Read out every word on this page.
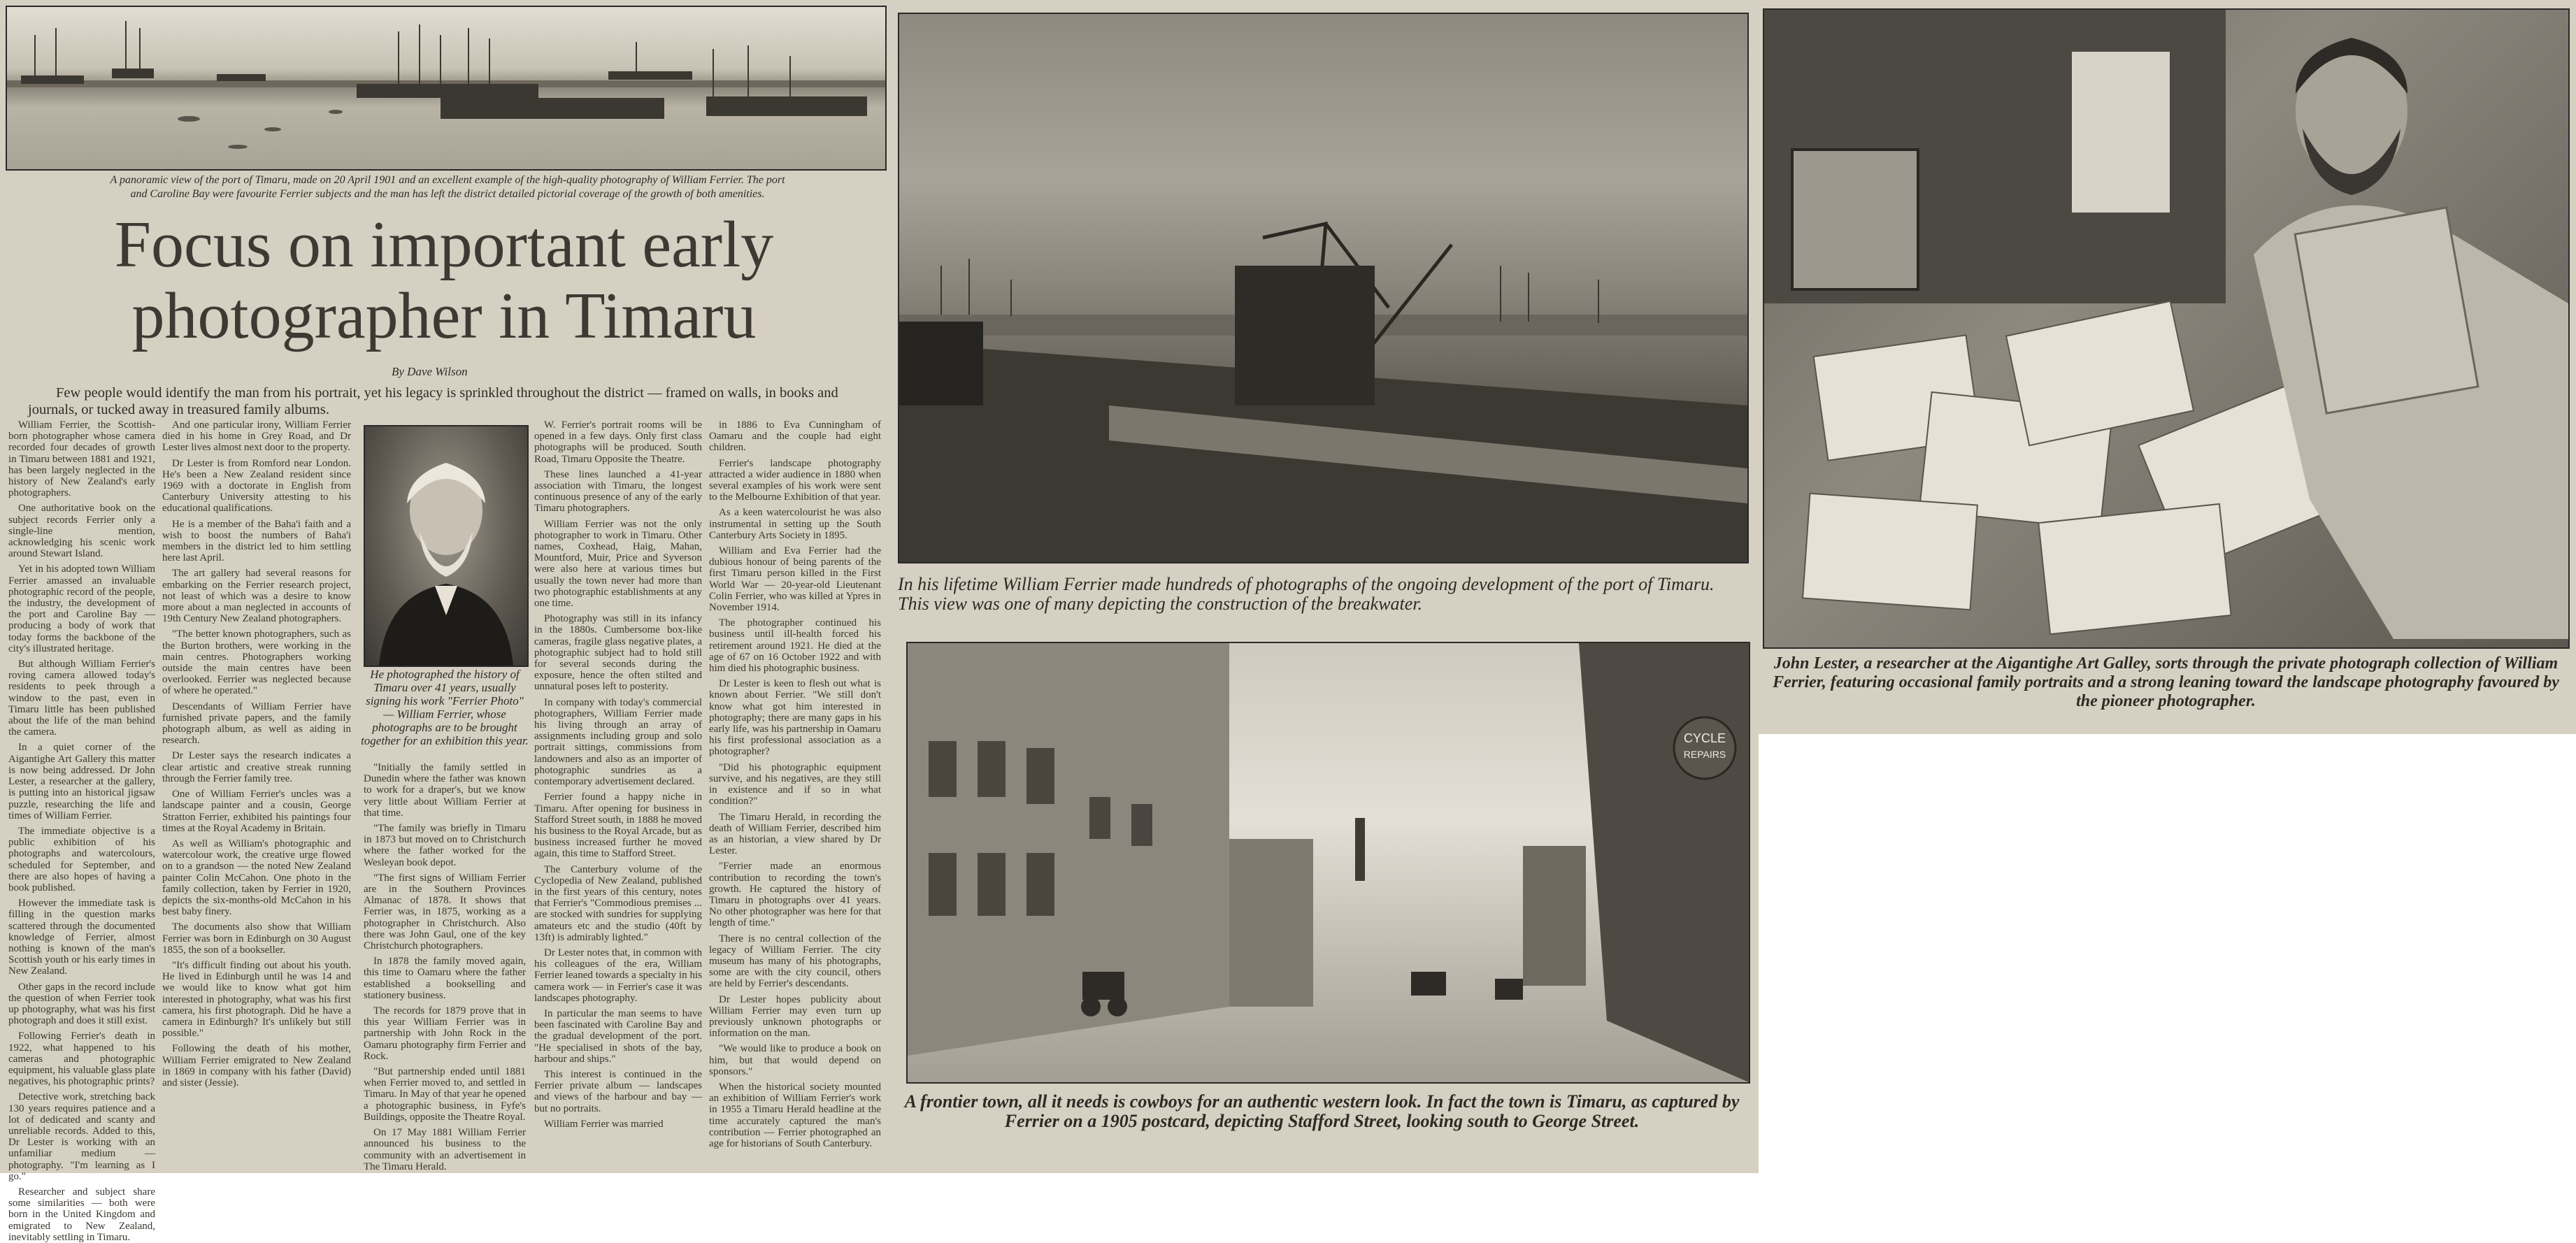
A panoramic view of the port of Timaru, made on 20 April 1901 and an excellent example of the high-quality photography of William Ferrier. The port and Caroline Bay were favourite Ferrier subjects and the man has left the district detailed pictorial coverage of the growth of both amenities.
Focus on important early
photographer in Timaru
By Dave Wilson
Few people would identify the man from his portrait, yet his legacy is sprinkled throughout the district — framed on walls, in books and journals, or tucked away in treasured family albums.

William Ferrier, the Scottish-born photographer whose camera recorded four decades of growth in Timaru between 1881 and 1921, has been largely neglected in the history of New Zealand's early photographers.

One authoritative book on the subject records Ferrier only a single-line mention, acknowledging his scenic work around Stewart Island.

Yet in his adopted town William Ferrier amassed an invaluable photographic record of the people, the industry, the development of the port and Caroline Bay — producing a body of work that today forms the backbone of the city's illustrated heritage.

But although William Ferrier's roving camera allowed today's residents to peek through a window to the past, even in Timaru little has been published about the life of the man behind the camera.

In a quiet corner of the Aigantighe Art Gallery this matter is now being addressed. Dr John Lester, a researcher at the gallery, is putting into an historical jigsaw puzzle, researching the life and times of William Ferrier.

The immediate objective is a public exhibition of his photographs and watercolours, scheduled for September, and there are also hopes of having a book published.

However the immediate task is filling in the question marks scattered through the documented knowledge of Ferrier, almost nothing is known of the man's Scottish youth or his early times in New Zealand.

Other gaps in the record include the question of when Ferrier took up photography, what was his first photograph and does it still exist.

Following Ferrier's death in 1922, what happened to his cameras and photographic equipment, his valuable glass plate negatives, his photographic prints?

Detective work, stretching back 130 years requires patience and a lot of dedicated and scanty and unreliable records. Added to this, Dr Lester is working with an unfamiliar medium — photography. "I'm learning as I go."

Researcher and subject share some similarities — both were born in the United Kingdom and emigrated to New Zealand, inevitably settling in Timaru.

And one particular irony, William Ferrier died in his home in Grey Road, and Dr Lester lives almost next door to the property.

Dr Lester is from Romford near London. He's been a New Zealand resident since 1969 with a doctorate in English from Canterbury University attesting to his educational qualifications.

He is a member of the Baha'i faith and a wish to boost the numbers of Baha'i members in the district led to him settling here last April.

The art gallery had several reasons for embarking on the Ferrier research project, not least of which was a desire to know more about a man neglected in accounts of 19th Century New Zealand photographers.

"The better known photographers, such as the Burton brothers, were working in the main centres. Photographers working outside the main centres have been overlooked. Ferrier was neglected because of where he operated."

Descendants of William Ferrier have furnished private papers, and the family photograph album, as well as aiding in research.

Dr Lester says the research indicates a clear artistic and creative streak running through the Ferrier family tree.

One of William Ferrier's uncles was a landscape painter and a cousin, George Stratton Ferrier, exhibited his paintings four times at the Royal Academy in Britain.

As well as William's photographic and watercolour work, the creative urge flowed on to a grandson — the noted New Zealand painter Colin McCahon. One photo in the family collection, taken by Ferrier in 1920, depicts the six-months-old McCahon in his best baby finery.

The documents also show that William Ferrier was born in Edinburgh on 30 August 1855, the son of a bookseller.

"It's difficult finding out about his youth. He lived in Edinburgh until he was 14 and we would like to know what got him interested in photography, what was his first camera, his first photograph. Did he have a camera in Edinburgh? It's unlikely but still possible."

Following the death of his mother, William Ferrier emigrated to New Zealand in 1869 in company with his father (David) and sister (Jessie).

He photographed the history of Timaru over 41 years, usually signing his work "Ferrier Photo" — William Ferrier, whose photographs are to be brought together for an exhibition this year.

"Initially the family settled in Dunedin where the father was known to work for a draper's, but we know very little about William Ferrier at that time.

"The family was briefly in Timaru in 1873 but moved on to Christchurch where the father worked for the Wesleyan book depot.

"The first signs of William Ferrier are in the Southern Provinces Almanac of 1878. It shows that Ferrier was, in 1875, working as a photographer in Christchurch. Also there was John Gaul, one of the key Christchurch photographers.

In 1878 the family moved again, this time to Oamaru where the father established a bookselling and stationery business.

The records for 1879 prove that in this year William Ferrier was in partnership with John Rock in the Oamaru photography firm Ferrier and Rock.

"But partnership ended until 1881 when Ferrier moved to, and settled in Timaru. In May of that year he opened a photographic business, in Fyfe's Buildings, opposite the Theatre Royal.

On 17 May 1881 William Ferrier announced his business to the community with an advertisement in The Timaru Herald.

W. Ferrier's portrait rooms will be opened in a few days. Only first class photographs will be produced. South Road, Timaru Opposite the Theatre.

These lines launched a 41-year association with Timaru, the longest continuous presence of any of the early Timaru photographers.

William Ferrier was not the only photographer to work in Timaru. Other names, Coxhead, Haig, Mahan, Mountford, Muir, Price and Syverson were also here at various times but usually the town never had more than two photographic establishments at any one time.

Photography was still in its infancy in the 1880s. Cumbersome box-like cameras, fragile glass negative plates, a photographic subject had to hold still for several seconds during the exposure, hence the often stilted and unnatural poses left to posterity.

In company with today's commercial photographers, William Ferrier made his living through an array of assignments including group and solo portrait sittings, commissions from landowners and also as an importer of photographic sundries as a contemporary advertisement declared.

Ferrier found a happy niche in Timaru. After opening for business in Stafford Street south, in 1888 he moved his business to the Royal Arcade, but as business increased further he moved again, this time to Stafford Street.

The Canterbury volume of the Cyclopedia of New Zealand, published in the first years of this century, notes that Ferrier's "Commodious premises ... are stocked with sundries for supplying amateurs etc and the studio (40ft by 13ft) is admirably lighted."

Dr Lester notes that, in common with his colleagues of the era, William Ferrier leaned towards a specialty in his camera work — in Ferrier's case it was landscapes photography.

In particular the man seems to have been fascinated with Caroline Bay and the gradual development of the port. "He specialised in shots of the bay, harbour and ships."

This interest is continued in the Ferrier private album — landscapes and views of the harbour and bay — but no portraits.

William Ferrier was married

in 1886 to Eva Cunningham of Oamaru and the couple had eight children.

Ferrier's landscape photography attracted a wider audience in 1880 when several examples of his work were sent to the Melbourne Exhibition of that year.

As a keen watercolourist he was also instrumental in setting up the South Canterbury Arts Society in 1895.

William and Eva Ferrier had the dubious honour of being parents of the first Timaru person killed in the First World War — 20-year-old Lieutenant Colin Ferrier, who was killed at Ypres in November 1914.

The photographer continued his business until ill-health forced his retirement around 1921. He died at the age of 67 on 16 October 1922 and with him died his photographic business.

Dr Lester is keen to flesh out what is known about Ferrier. "We still don't know what got him interested in photography; there are many gaps in his early life, was his partnership in Oamaru his first professional association as a photographer?

"Did his photographic equipment survive, and his negatives, are they still in existence and if so in what condition?"

The Timaru Herald, in recording the death of William Ferrier, described him as an historian, a view shared by Dr Lester.

"Ferrier made an enormous contribution to recording the town's growth. He captured the history of Timaru in photographs over 41 years. No other photographer was here for that length of time."

There is no central collection of the legacy of William Ferrier. The city museum has many of his photographs, some are with the city council, others are held by Ferrier's descendants.

Dr Lester hopes publicity about William Ferrier may even turn up previously unknown photographs or information on the man.

"We would like to produce a book on him, but that would depend on sponsors."

When the historical society mounted an exhibition of William Ferrier's work in 1955 a Timaru Herald headline at the time accurately captured the man's contribution — Ferrier photographed an age for historians of South Canterbury.

In his lifetime William Ferrier made hundreds of photographs of the ongoing development of the port of Timaru. This view was one of many depicting the construction of the breakwater.
CYCLE
REPAIRS
A frontier town, all it needs is cowboys for an authentic western look. In fact the town is Timaru, as captured by Ferrier on a 1905 postcard, depicting Stafford Street, looking south to George Street.
John Lester, a researcher at the Aigantighe Art Galley, sorts through the private photograph collection of William Ferrier, featuring occasional family portraits and a strong leaning toward the landscape photography favoured by the pioneer photographer.
